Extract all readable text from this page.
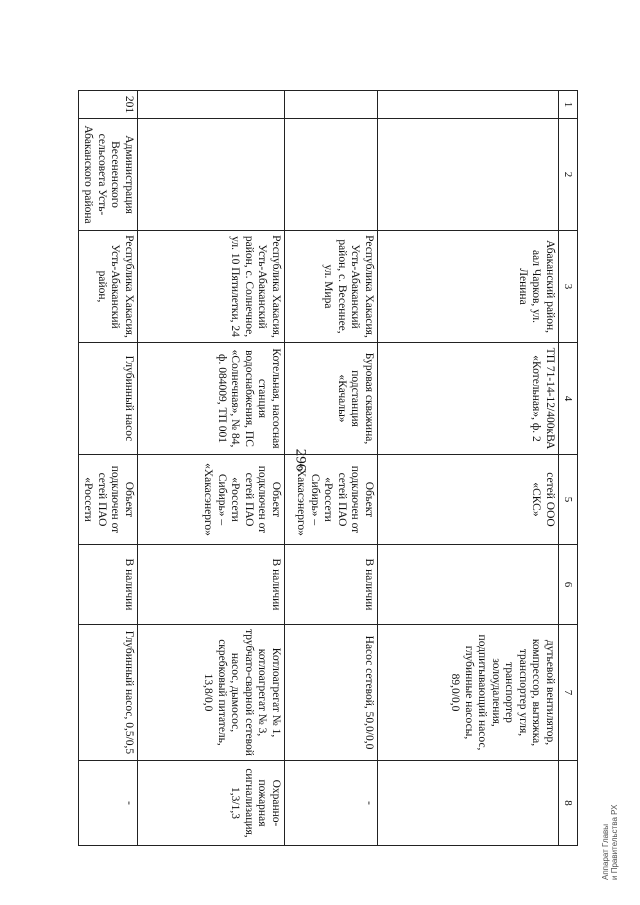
296
1	2	3	4	5	6	7	8
		Абаканский район, аал Чарков, ул. Ленина	ТП 71-14-12/400кВА «Котельная», ф. 2	сетей ООО «СКС»		дутьевой вентилятор, компрессор, вытяжка, транспортер угля, транспортер золоудаления, подпитывающий насос, глубинные насосы, 89,0/0,0	
		Республика Хакасия, Усть-Абаканский район, с. Весеннее, ул. Мира	Буровая скважина, подстанция «Качалы»	Объект подключен от сетей ПАО «Россети Сибирь» – «Хакасэнерго»	В наличии	Насос сетевой, 50,0/0,0	-
		Республика Хакасия, Усть-Абаканский район, с. Солнечное, ул. 10 Пятилетки, 24	Котельная, насосная станция водоснабжения, ПС «Солнечная», № 84, ф. 084009, ТП 001	Объект подключен от сетей ПАО «Россети Сибирь» – «Хакасэнерго»	В наличии	Котлоагрегат № 1, котлоагрегат № 3, трубчато-сварной сетевой насос, дымосос, скребковый питатель, 13,8/0,0	Охранно-пожарная сигнализация, 1,3/1,3
201	Администрация Весененского сельсовета Усть-Абаканского района	Республика Хакасия, Усть-Абаканский район,	Глубинный насос	Объект подключен от сетей ПАО «Россети	В наличии	Глубинный насос, 0,5/0,5	-
Аппарат Главы и Правительства РХ
